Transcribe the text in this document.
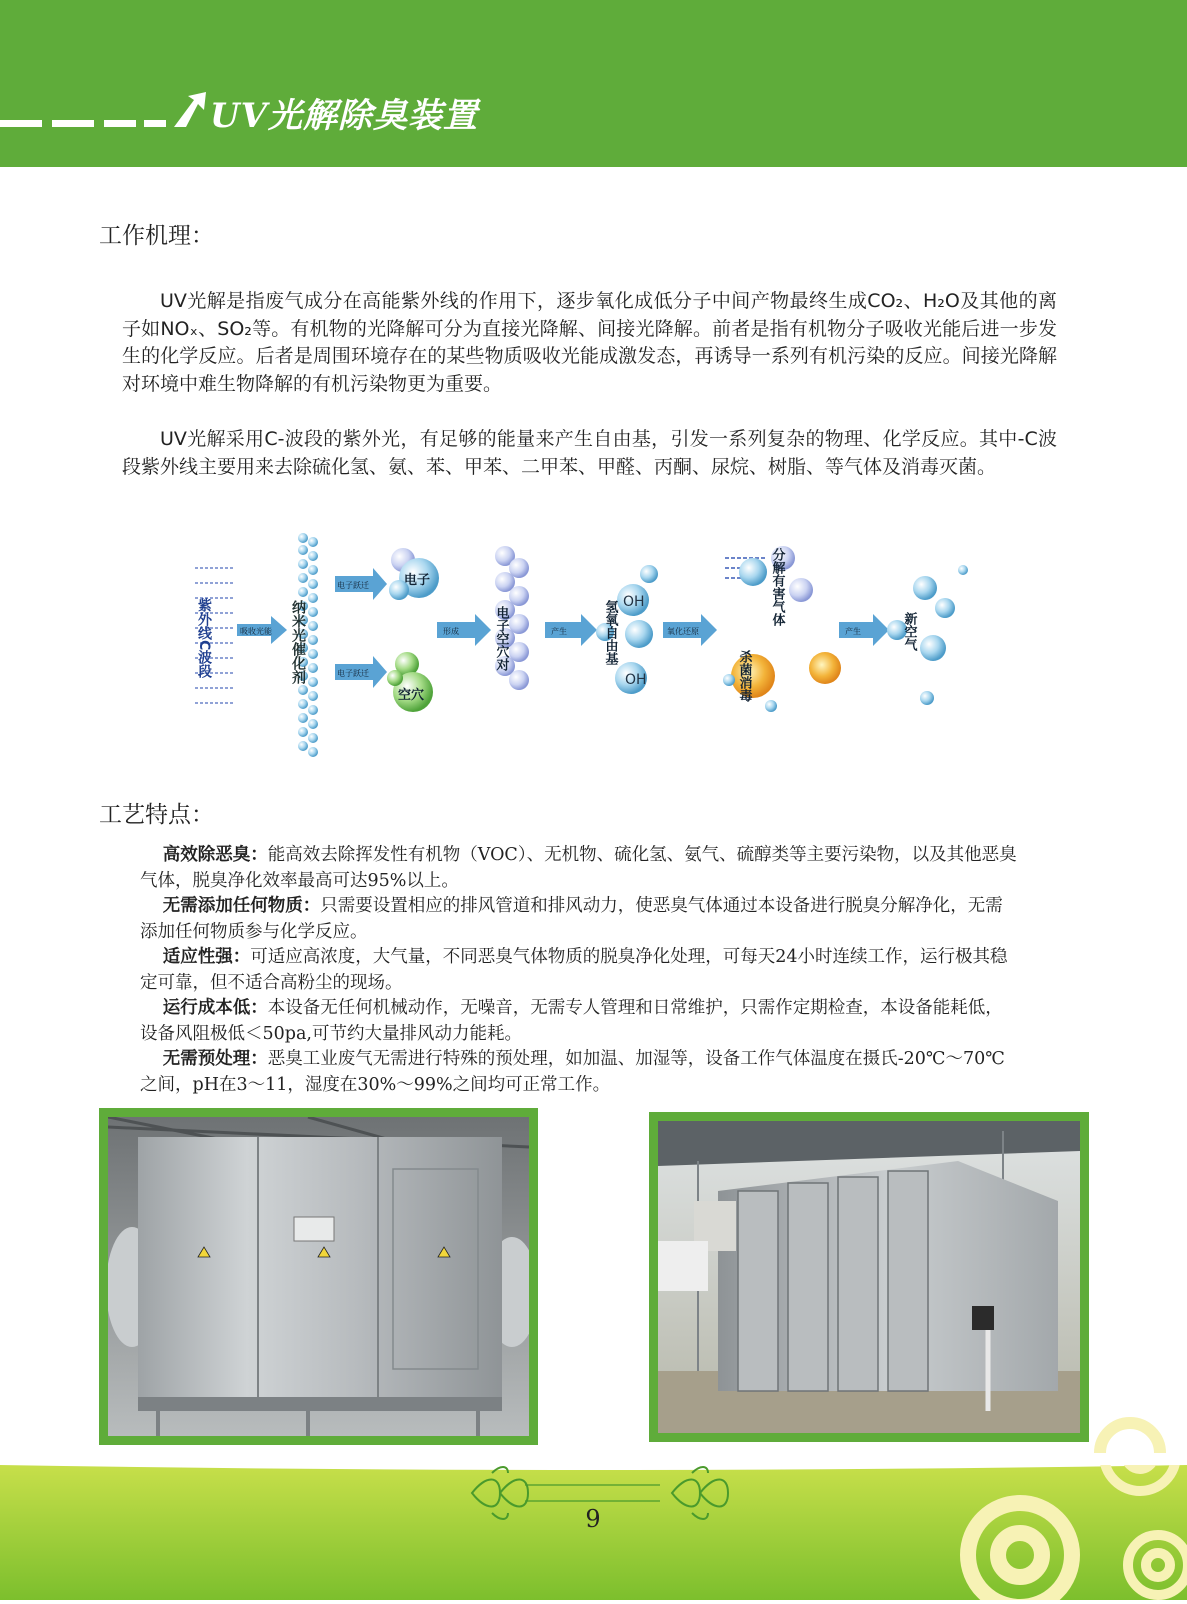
UV光解除臭装置
工作机理：

UV光解是指废气成分在高能紫外线的作用下，逐步氧化成低分子中间产物最终生成CO₂、H₂O及其他的离子如NOₓ、SO₂等。有机物的光降解可分为直接光降解、间接光降解。前者是指有机物分子吸收光能后进一步发生的化学反应。后者是周围环境存在的某些物质吸收光能成激发态，再诱导一系列有机污染的反应。间接光降解对环境中难生物降解的有机污染物更为重要。

UV光解采用C-波段的紫外光，有足够的能量来产生自由基，引发一系列复杂的物理、化学反应。其中-C波段紫外线主要用来去除硫化氢、氨、苯、甲苯、二甲苯、甲醛、丙酮、尿烷、树脂、等气体及消毒灭菌。

紫外线C波段	吸收光能 纳米光催化剂
电子跃迁
电子跃迁
电子
空穴
形成	电子空穴对	产生
OH
OH
氢氧自由基	氧化还原
分解有害气体
杀菌消毒
产生	新空气
工艺特点：

高效除恶臭：能高效去除挥发性有机物（VOC）、无机物、硫化氢、氨气、硫醇类等主要污染物，以及其他恶臭气体，脱臭净化效率最高可达95%以上。

无需添加任何物质：只需要设置相应的排风管道和排风动力，使恶臭气体通过本设备进行脱臭分解净化，无需添加任何物质参与化学反应。

适应性强：可适应高浓度，大气量，不同恶臭气体物质的脱臭净化处理，可每天24小时连续工作，运行极其稳定可靠，但不适合高粉尘的现场。

运行成本低：本设备无任何机械动作，无噪音，无需专人管理和日常维护，只需作定期检查，本设备能耗低，设备风阻极低＜50pa,可节约大量排风动力能耗。

无需预处理：恶臭工业废气无需进行特殊的预处理，如加温、加湿等，设备工作气体温度在摄氏-20℃～70℃之间，pH在3～11，湿度在30%～99%之间均可正常工作。

9
